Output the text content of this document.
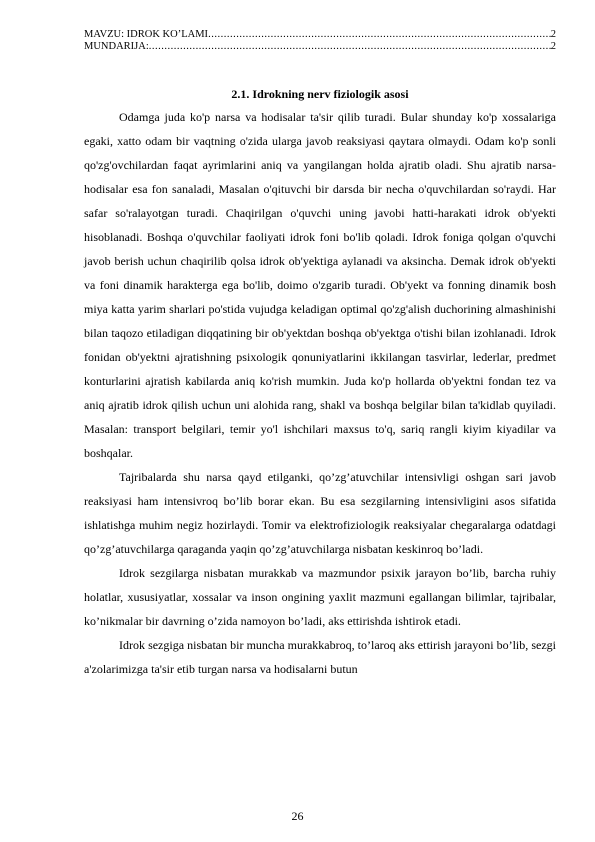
MAVZU: IDROK KO’LAMI .....	2
MUNDARIJA: .....	2
2.1. Idrokning nerv fiziologik asosi

Odamga juda ko'p narsa va hodisalar ta'sir qilib turadi. Bular shunday ko'p xossalariga egaki, xatto odam bir vaqtning o'zida ularga javob reaksiyasi qaytara olmaydi. Odam ko'p sonli qo'zg'ovchilardan faqat ayrimlarini aniq va yangilangan holda ajratib oladi. Shu ajratib narsa-hodisalar esa fon sanaladi, Masalan o'qituvchi bir darsda bir necha o'quvchilardan so'raydi. Har safar so'ralayotgan turadi. Chaqirilgan o'quvchi uning javobi hatti-harakati idrok ob'yekti hisoblanadi. Boshqa o'quvchilar faoliyati idrok foni bo'lib qoladi. Idrok foniga qolgan o'quvchi javob berish uchun chaqirilib qolsa idrok ob'yektiga aylanadi va aksincha. Demak idrok ob'yekti va foni dinamik harakterga ega bo'lib, doimo o'zgarib turadi. Ob'yekt va fonning dinamik bosh miya katta yarim sharlari po'stida vujudga keladigan optimal qo'zg'alish duchorining almashinishi bilan taqozo etiladigan diqqatining bir ob'yektdan boshqa ob'yektga o'tishi bilan izohlanadi. Idrok fonidan ob'yektni ajratishning psixologik qonuniyatlarini ikkilangan tasvirlar, lederlar, predmet konturlarini ajratish kabilarda aniq ko'rish mumkin. Juda ko'p hollarda ob'yektni fondan tez va aniq ajratib idrok qilish uchun uni alohida rang, shakl va boshqa belgilar bilan ta'kidlab quyiladi. Masalan: transport belgilari, temir yo'l ishchilari maxsus to'q, sariq rangli kiyim kiyadilar va boshqalar.

Tajribalarda shu narsa qayd etilganki, qo’zg’atuvchilar intensivligi oshgan sari javob reaksiyasi ham intensivroq bo’lib borar ekan. Bu esa sezgilarning intensivligini asos sifatida ishlatishga muhim negiz hozirlaydi. Tomir va elektrofiziologik reaksiyalar chegaralarga odatdagi qo’zg’atuvchilarga qaraganda yaqin qo’zg’atuvchilarga nisbatan keskinroq bo’ladi.

Idrok sezgilarga nisbatan murakkab va mazmundor psixik jarayon bo’lib, barcha ruhiy holatlar, xususiyatlar, xossalar va inson ongining yaxlit mazmuni egallangan bilimlar, tajribalar, ko’nikmalar bir davrning o’zida namoyon bo’ladi, aks ettirishda ishtirok etadi.

Idrok sezgiga nisbatan bir muncha murakkabroq, to’laroq aks ettirish jarayoni bo’lib, sezgi a'zolarimizga ta'sir etib turgan narsa va hodisalarni butun

26
